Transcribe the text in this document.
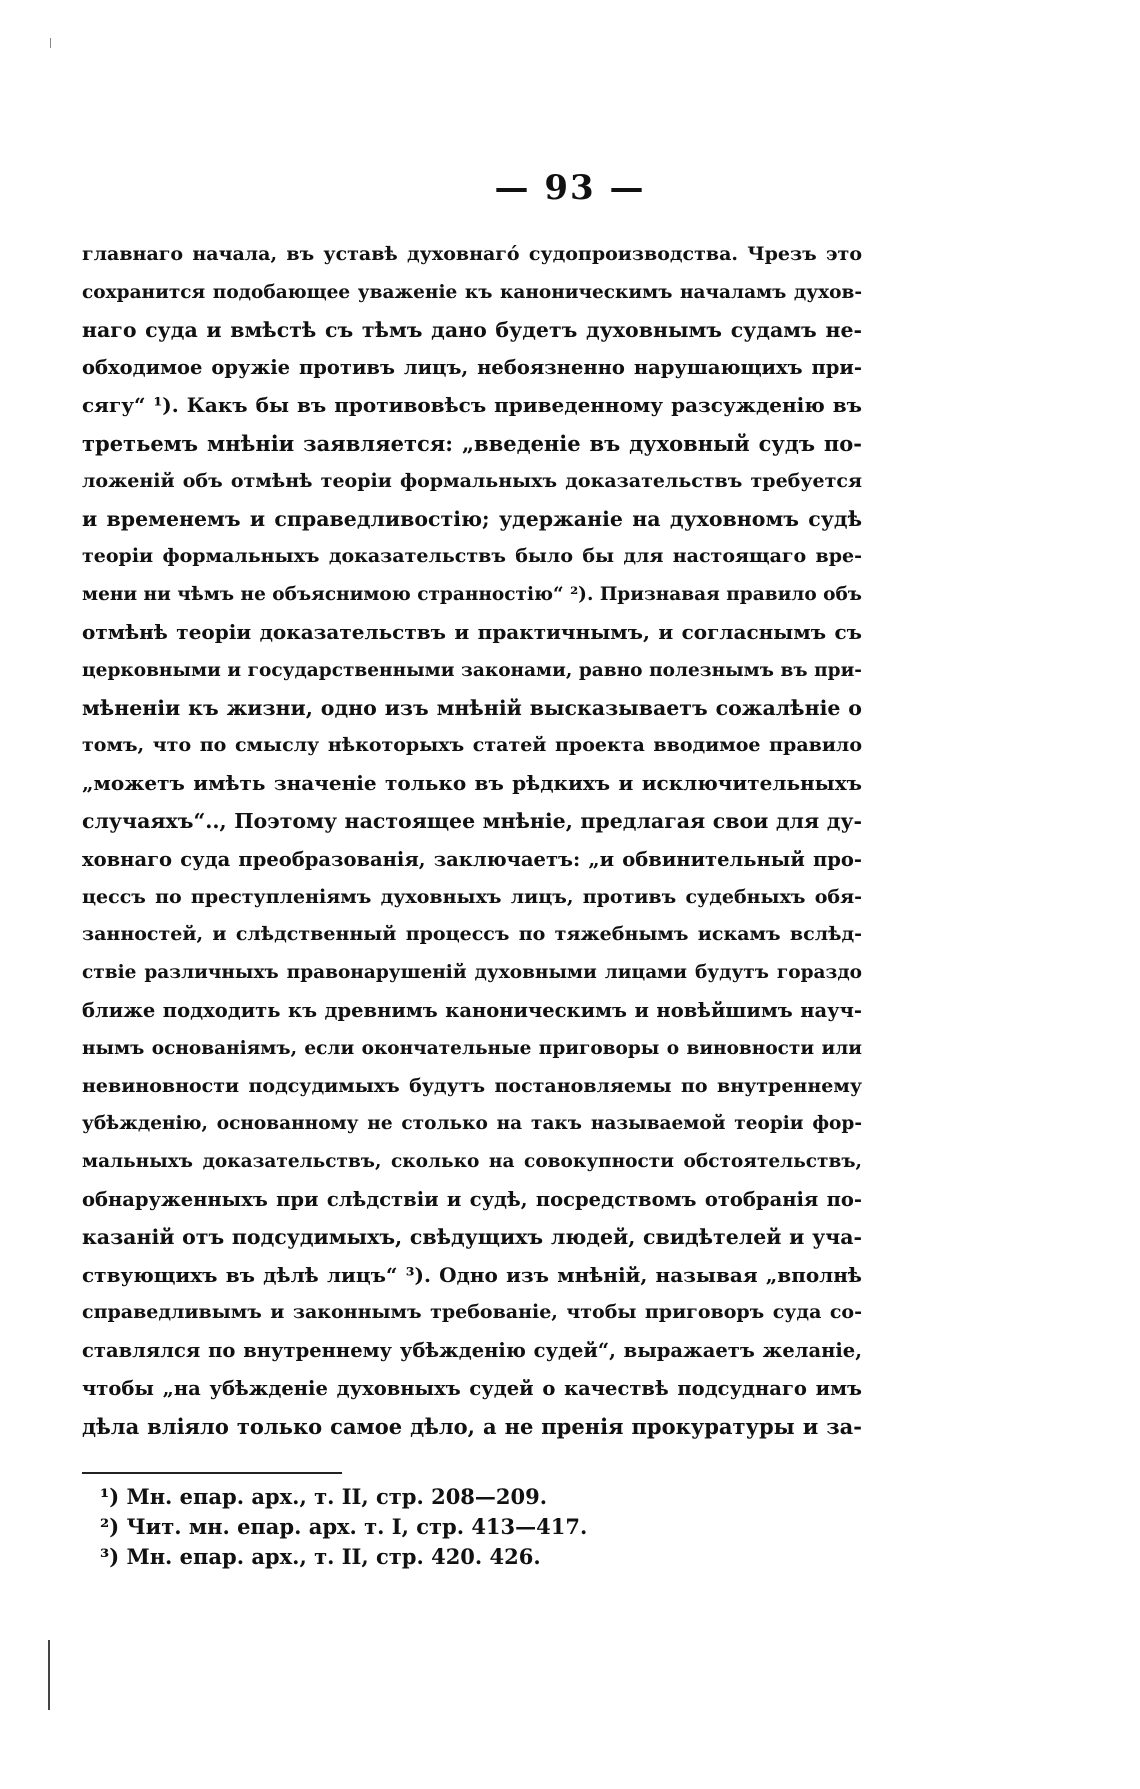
— 93 —
главнаго начала, въ уставѣ духовнаго́ судопроизводства. Чрезъ это
сохранится подобающее уваженіе къ каноническимъ началамъ духов-
наго суда и вмѣстѣ съ тѣмъ дано будетъ духовнымъ судамъ не-
обходимое оружіе противъ лицъ, небоязненно нарушающихъ при-
сягу“ ¹). Какъ бы въ противовѣсъ приведенному разсужденію въ
третьемъ мнѣніи заявляется: „введеніе въ духовный судъ по-
ложеній объ отмѣнѣ теоріи формальныхъ доказательствъ требуется
и временемъ и справедливостію; удержаніе на духовномъ судѣ
теоріи формальныхъ доказательствъ было бы для настоящаго вре-
мени ни чѣмъ не объяснимою странностію“ ²). Признавая правило объ
отмѣнѣ теоріи доказательствъ и практичнымъ, и согласнымъ съ
церковными и государственными законами, равно полезнымъ въ при-
мѣненіи къ жизни, одно изъ мнѣній высказываетъ сожалѣніе о
томъ, что по смыслу нѣкоторыхъ статей проекта вводимое правило
„можетъ имѣть значеніе только въ рѣдкихъ и исключительныхъ
случаяхъ“.., Поэтому настоящее мнѣніе, предлагая свои для ду-
ховнаго суда преобразованія, заключаетъ: „и обвинительный про-
цессъ по преступленіямъ духовныхъ лицъ, противъ судебныхъ обя-
занностей, и слѣдственный процессъ по тяжебнымъ искамъ вслѣд-
ствіе различныхъ правонарушеній духовными лицами будутъ гораздо
ближе подходить къ древнимъ каноническимъ и новѣйшимъ науч-
нымъ основаніямъ, если окончательные приговоры о виновности или
невиновности подсудимыхъ будутъ постановляемы по внутреннему
убѣжденію, основанному не столько на такъ называемой теоріи фор-
мальныхъ доказательствъ, сколько на совокупности обстоятельствъ,
обнаруженныхъ при слѣдствіи и судѣ, посредствомъ отобранія по-
казаній отъ подсудимыхъ, свѣдущихъ людей, свидѣтелей и уча-
ствующихъ въ дѣлѣ лицъ“ ³). Одно изъ мнѣній, называя „вполнѣ
справедливымъ и законнымъ требованіе, чтобы приговоръ суда со-
ставлялся по внутреннему убѣжденію судей“, выражаетъ желаніе,
чтобы „на убѣжденіе духовныхъ судей о качествѣ подсуднаго имъ
дѣла вліяло только самое дѣло, а не пренія прокуратуры и за-
¹) Мн. епар. арх., т. II, стр. 208—209.
²) Чит. мн. епар. арх. т. I, стр. 413—417.
³) Мн. епар. арх., т. II, стр. 420. 426.
